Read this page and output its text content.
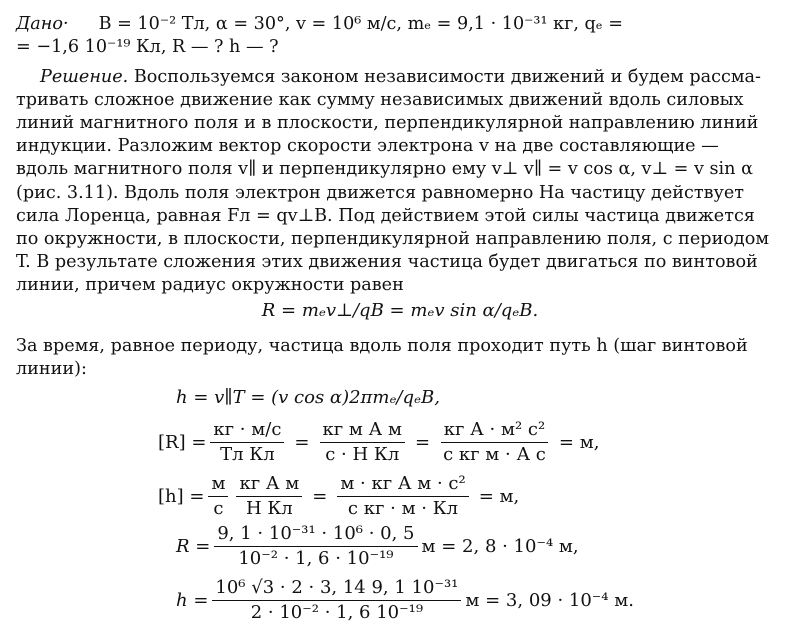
Дано· B = 10⁻² Тл, α = 30°, v = 10⁶ м/с, mₑ = 9,1 · 10⁻³¹ кг, qₑ =
= −1,6 10⁻¹⁹ Кл, R — ? h — ?
Решение. Воспользуемся законом независимости движений и будем рассма-
тривать сложное движение как сумму независимых движений вдоль силовых
линий магнитного поля и в плоскости, перпендикулярной направлению линий
индукции. Разложим вектор скорости электрона v на две составляющие —
вдоль магнитного поля v∥ и перпендикулярно ему v⊥ v∥ = v cos α, v⊥ = v sin α
(рис. 3.11). Вдоль поля электрон движется равномерно На частицу действует
сила Лоренца, равная Fл = qv⊥B. Под действием этой силы частица движется
по окружности, в плоскости, перпендикулярной направлению поля, с периодом
T. В результате сложения этих движения частица будет двигаться по винтовой
линии, причем радиус окружности равен
R = mₑv⊥/qB = mₑv sin α/qₑB.
За время, равное периоду, частица вдоль поля проходит путь h (шаг винтовой
линии):
h = v∥T = (v cos α)2πmₑ/qₑB,
[R] =
кг · м/с
Тл Кл
=
кг м А м
с · Н Кл
=
кг А · м² с²
с кг м · А с
= м,
[h] =
м
с
кг А м
Н Кл
=
м · кг А м · с²
с кг · м · Кл
= м,
$R = \frac{\text{9, 1 · 10⁻³¹ · 10⁶ · 0, 5}}{\text{10⁻² · 1, 6 · 10⁻¹⁹}}$ м = 2, 8 · 10⁻⁴ м,
$h = \frac{\text{10⁶ √3 · 2 · 3, 14 9, 1 10⁻³¹}}{\text{2 · 10⁻² · 1, 6 10⁻¹⁹}}$ м = 3, 09 · 10⁻⁴ м.
